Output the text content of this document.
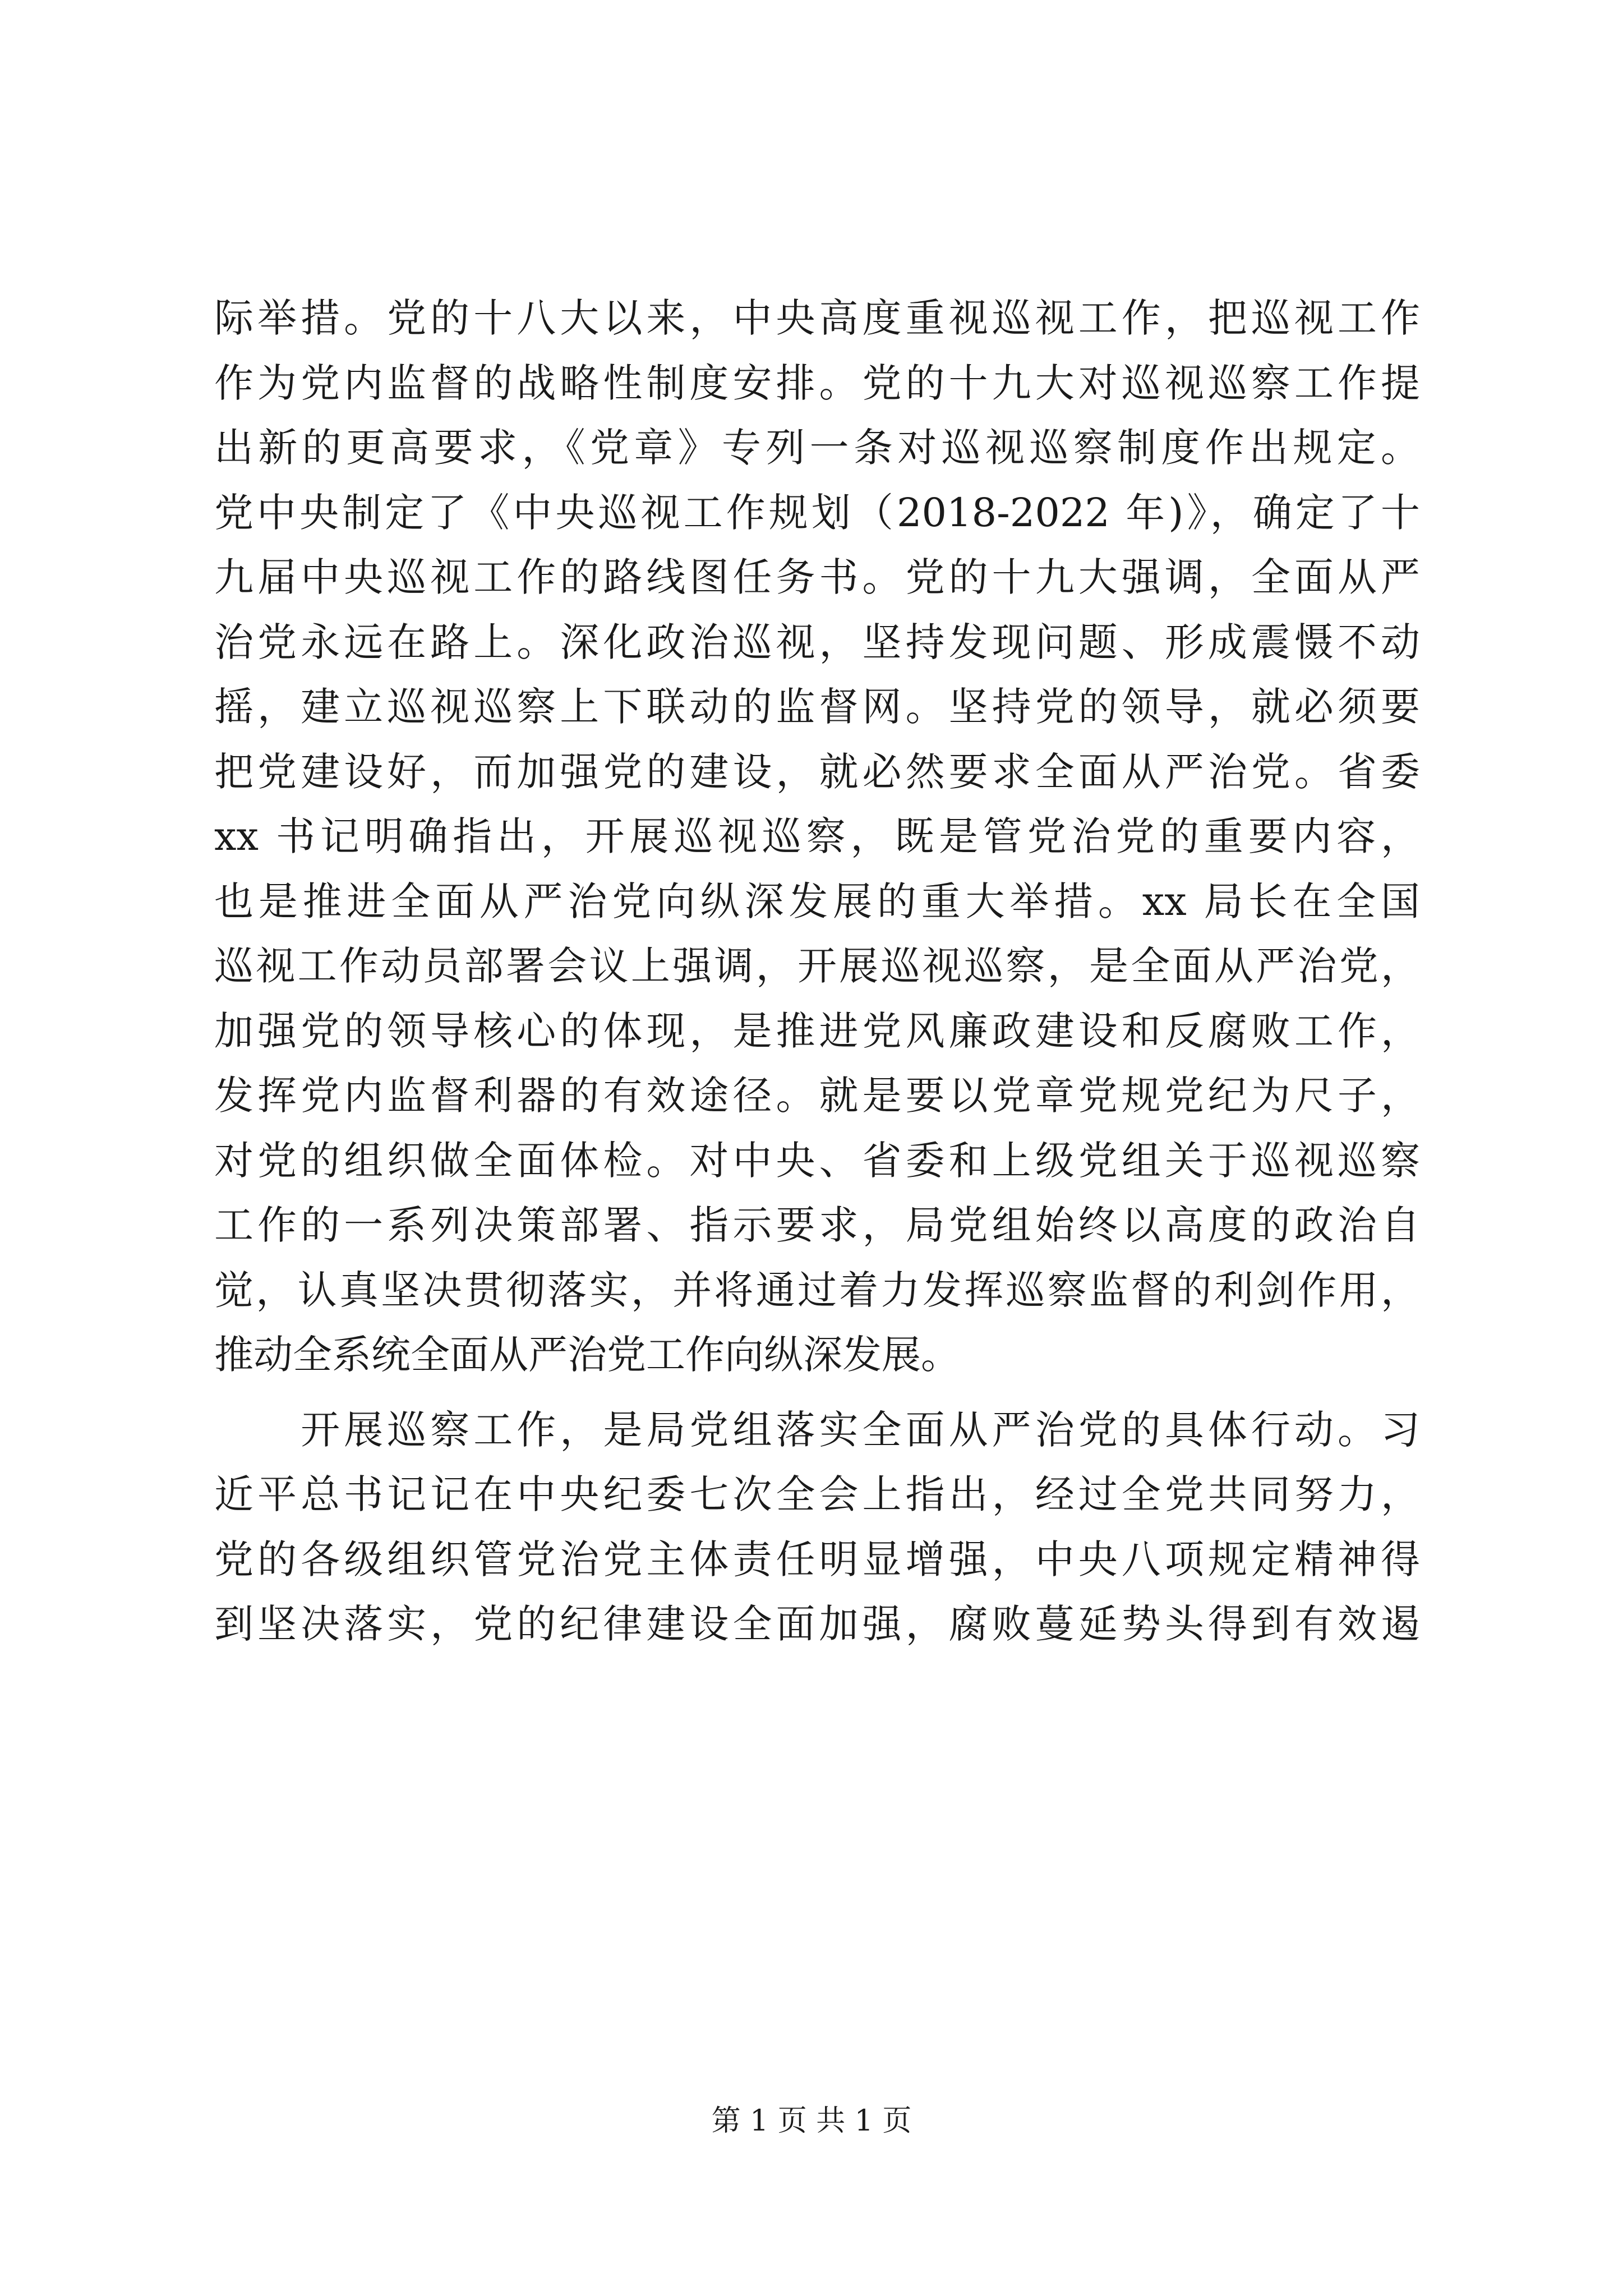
际举措。党的十八大以来，中央高度重视巡视工作，把巡视工作
作为党内监督的战略性制度安排。党的十九大对巡视巡察工作提
出新的更高要求，《党章》专列一条对巡视巡察制度作出规定。
党中央制定了《中央巡视工作规划（2018-2022 年)》，确定了十
九届中央巡视工作的路线图任务书。党的十九大强调，全面从严
治党永远在路上。深化政治巡视，坚持发现问题、形成震慑不动
摇，建立巡视巡察上下联动的监督网。坚持党的领导，就必须要
把党建设好，而加强党的建设，就必然要求全面从严治党。省委
xx 书记明确指出，开展巡视巡察，既是管党治党的重要内容，
也是推进全面从严治党向纵深发展的重大举措。xx 局长在全国
巡视工作动员部署会议上强调，开展巡视巡察，是全面从严治党，
加强党的领导核心的体现，是推进党风廉政建设和反腐败工作，
发挥党内监督利器的有效途径。就是要以党章党规党纪为尺子，
对党的组织做全面体检。对中央、省委和上级党组关于巡视巡察
工作的一系列决策部署、指示要求，局党组始终以高度的政治自
觉，认真坚决贯彻落实，并将通过着力发挥巡察监督的利剑作用，
推动全系统全面从严治党工作向纵深发展。
　　开展巡察工作，是局党组落实全面从严治党的具体行动。习
近平总书记记在中央纪委七次全会上指出，经过全党共同努力，
党的各级组织管党治党主体责任明显增强，中央八项规定精神得
到坚决落实，党的纪律建设全面加强，腐败蔓延势头得到有效遏
第 1 页 共 1 页
